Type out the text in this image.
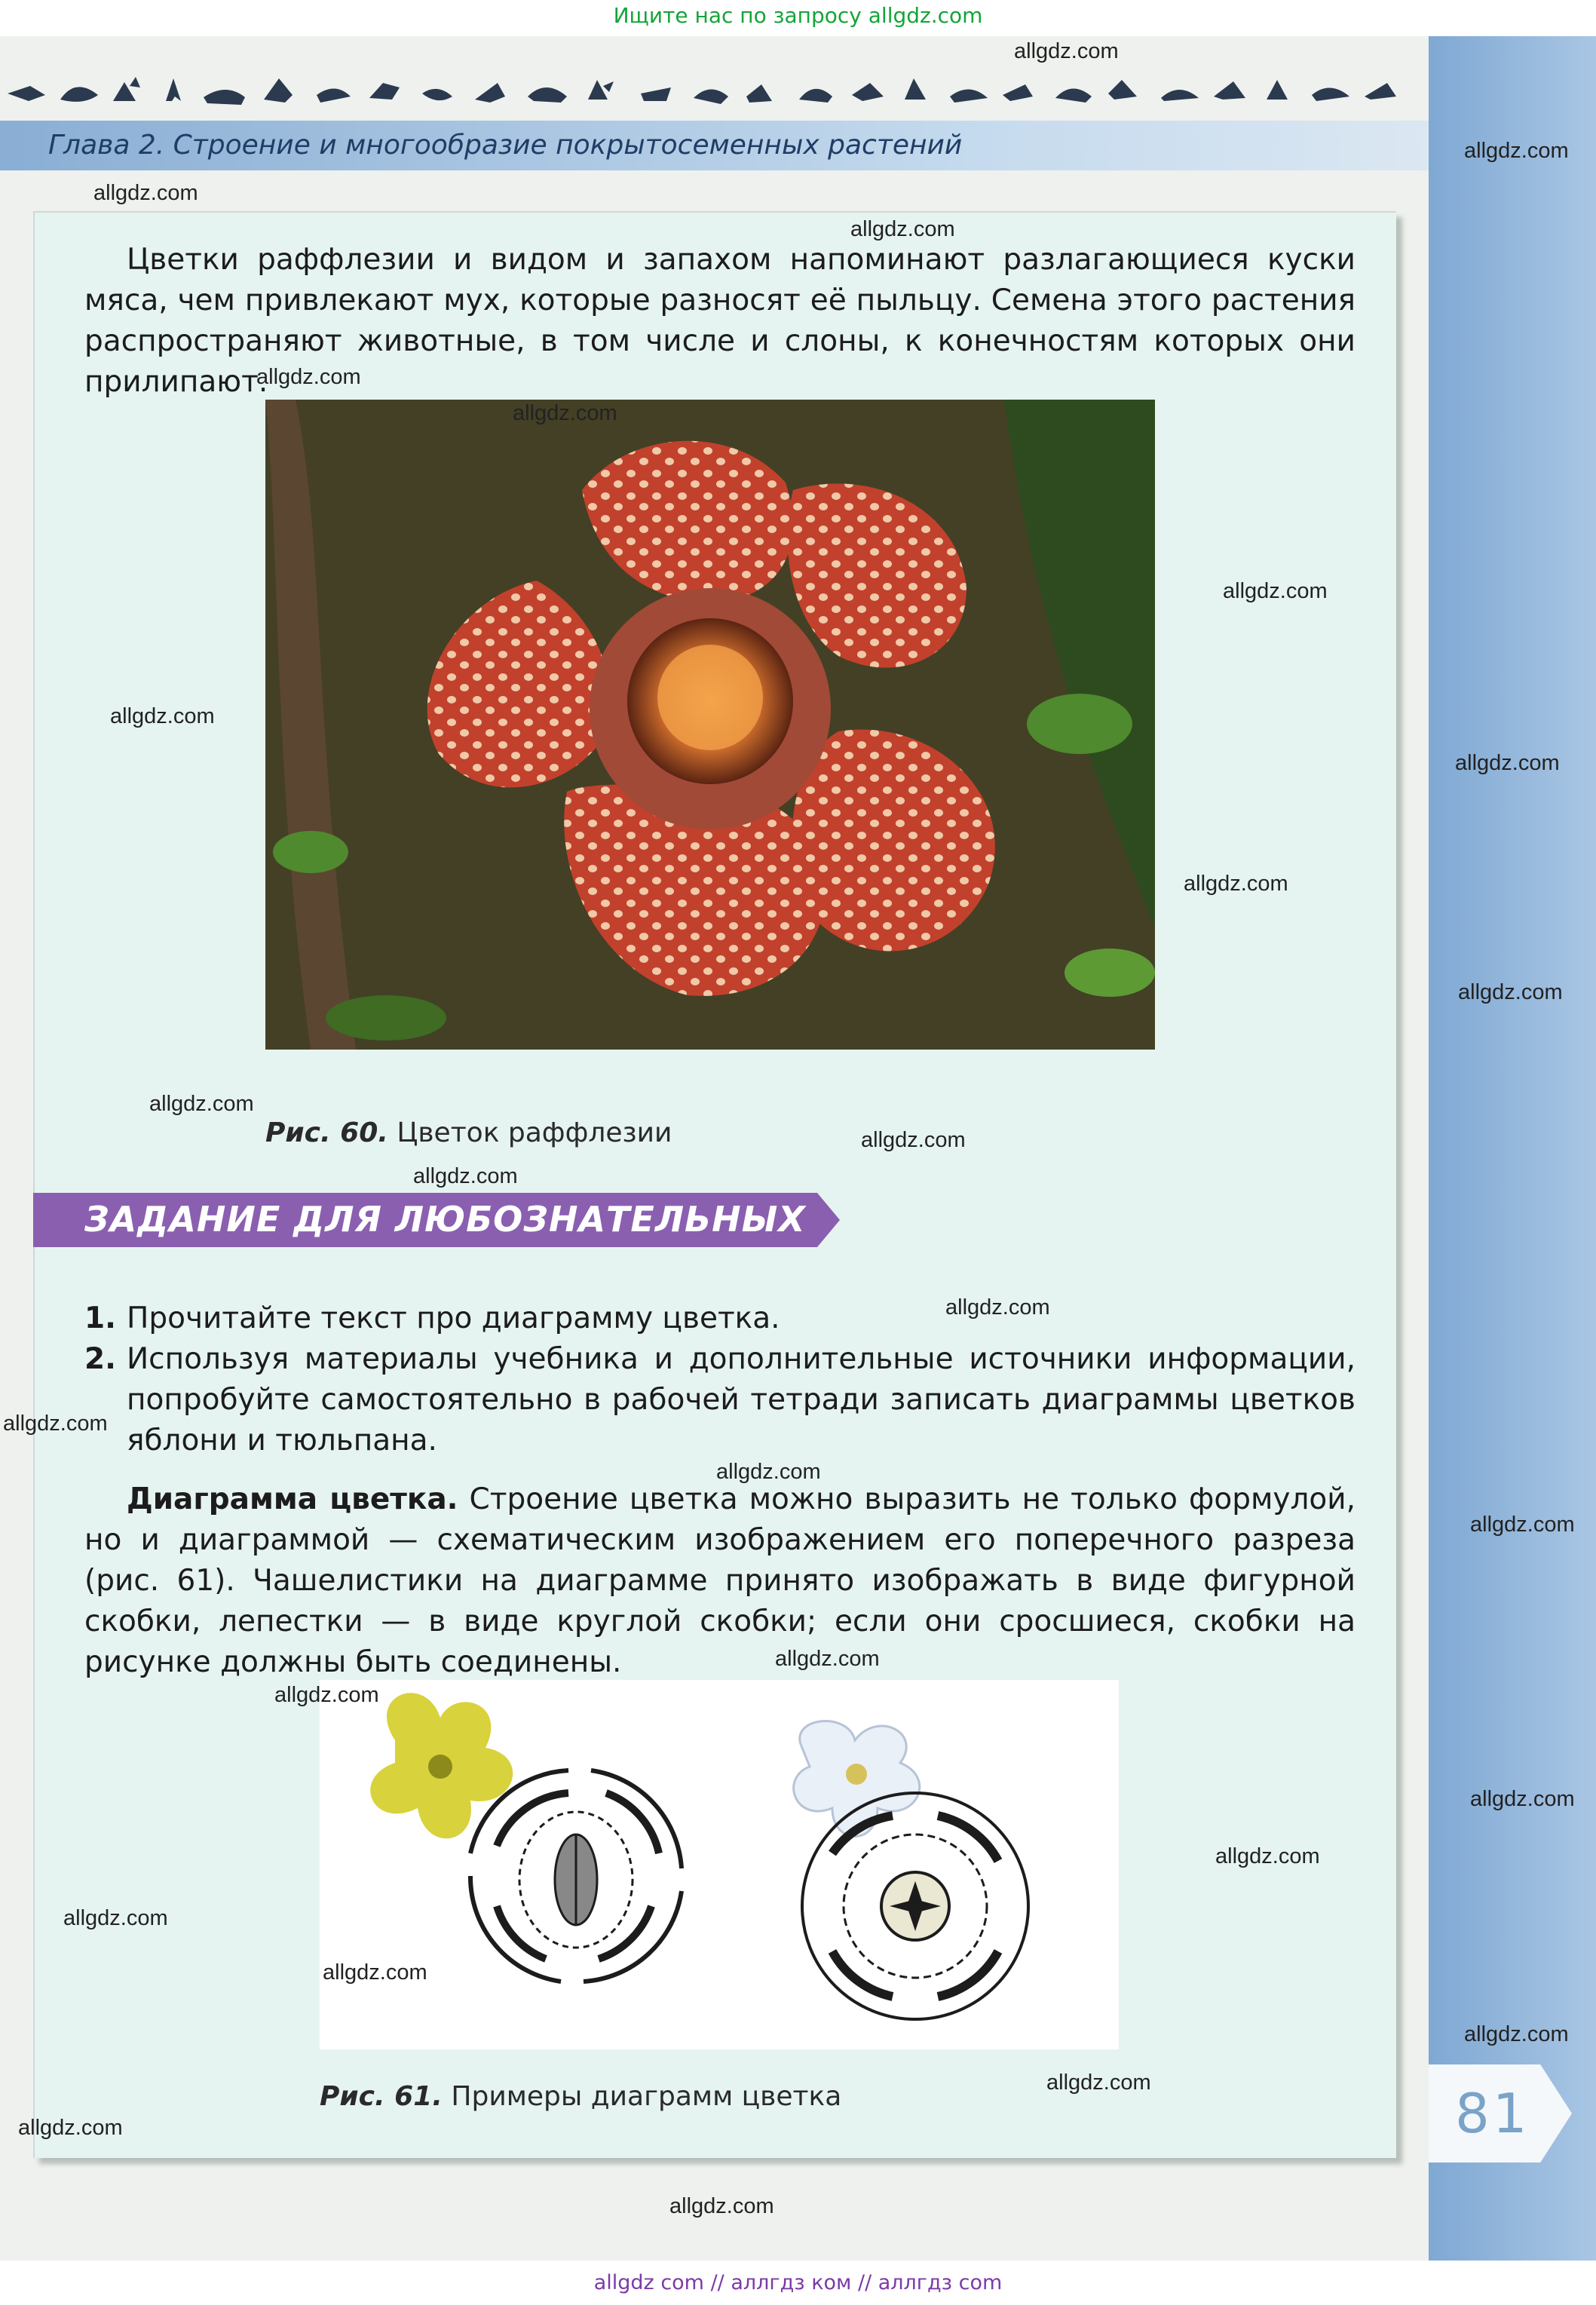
Ищите нас по запросу allgdz.com
81
Глава 2. Строение и многообразие покрытосеменных растений
Цветки раффлезии и видом и запахом напоминают разлагающиеся куски мяса, чем привлекают мух, которые разносят её пыльцу. Семена этого растения распространяют животные, в том числе и слоны, к конечностям которых они прилипают.
Рис. 60. Цветок раффлезии
ЗАДАНИЕ ДЛЯ ЛЮБОЗНАТЕЛЬНЫХ
1. Прочитайте текст про диаграмму цветка.
2. Используя материалы учебника и дополнительные источники информации, попробуйте самостоятельно в рабочей тетради записать диаграммы цветков яблони и тюльпана.
Диаграмма цветка. Строение цветка можно выразить не только формулой, но и диаграммой — схематическим изображением его поперечного разреза (рис. 61). Чашелистики на диаграмме принято изображать в виде фигурной скобки, лепестки — в виде круглой скобки; если они сросшиеся, скобки на рисунке должны быть соединены.
Рис. 61. Примеры диаграмм цветка
allgdz.com
allgdz.com
allgdz.com
allgdz.com
allgdz.com
allgdz.com
allgdz.com
allgdz.com
allgdz.com
allgdz.com
allgdz.com
allgdz.com
allgdz.com
allgdz.com
allgdz.com
allgdz.com
allgdz.com
allgdz.com
allgdz.com
allgdz.com
allgdz.com
allgdz.com
allgdz.com
allgdz.com
allgdz.com
allgdz.com
allgdz.com
allgdz.com
allgdz com // аллгдз ком // аллгдз com
